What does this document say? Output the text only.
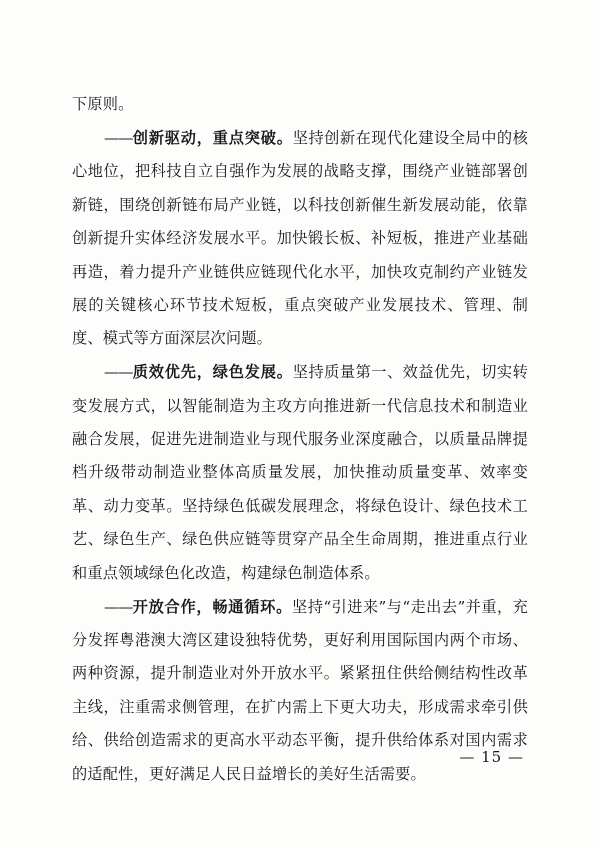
下原则。

——创新驱动，重点突破。坚持创新在现代化建设全局中的核心地位，把科技自立自强作为发展的战略支撑，围绕产业链部署创新链，围绕创新链布局产业链，以科技创新催生新发展动能，依靠创新提升实体经济发展水平。加快锻长板、补短板，推进产业基础再造，着力提升产业链供应链现代化水平，加快攻克制约产业链发展的关键核心环节技术短板，重点突破产业发展技术、管理、制度、模式等方面深层次问题。

——质效优先，绿色发展。坚持质量第一、效益优先，切实转变发展方式，以智能制造为主攻方向推进新一代信息技术和制造业融合发展，促进先进制造业与现代服务业深度融合，以质量品牌提档升级带动制造业整体高质量发展，加快推动质量变革、效率变革、动力变革。坚持绿色低碳发展理念，将绿色设计、绿色技术工艺、绿色生产、绿色供应链等贯穿产品全生命周期，推进重点行业和重点领域绿色化改造，构建绿色制造体系。

——开放合作，畅通循环。坚持“引进来”与“走出去”并重，充分发挥粤港澳大湾区建设独特优势，更好利用国际国内两个市场、两种资源，提升制造业对外开放水平。紧紧扭住供给侧结构性改革主线，注重需求侧管理，在扩内需上下更大功夫，形成需求牵引供给、供给创造需求的更高水平动态平衡，提升供给体系对国内需求的适配性，更好满足人民日益增长的美好生活需要。

— 15 —
